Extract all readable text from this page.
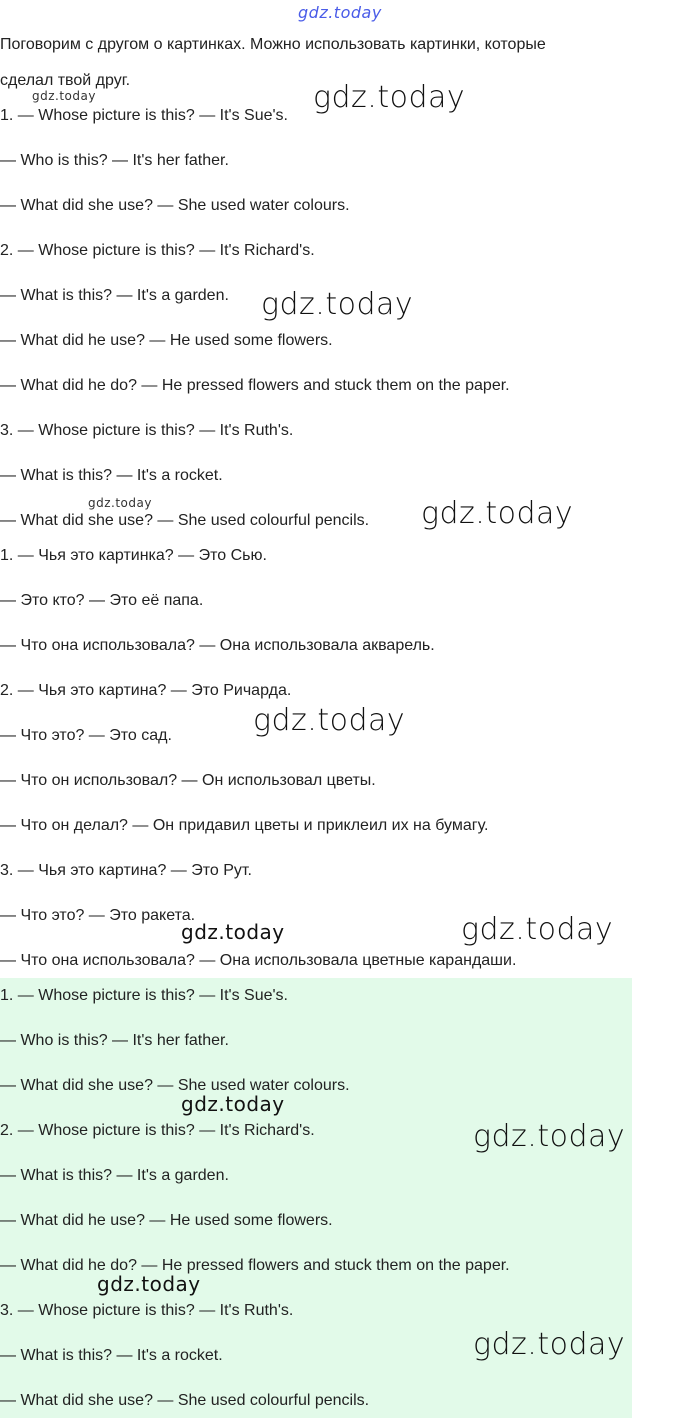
gdz.today
Поговорим с другом о картинках. Можно использовать картинки, которые
сделал твой друг.
1. — Whose picture is this? — It's Sue's.
— Who is this? — It's her father.
— What did she use? — She used water colours.
2. — Whose picture is this? — It's Richard's.
— What is this? — It's a garden.
— What did he use? — He used some flowers.
— What did he do? — He pressed flowers and stuck them on the paper.
3. — Whose picture is this? — It's Ruth's.
— What is this? — It's a rocket.
— What did she use? — She used colourful pencils.
1. — Чья это картинка? — Это Сью.
— Это кто? — Это её папа.
— Что она использовала? — Она использовала акварель.
2. — Чья это картина? — Это Ричарда.
— Что это? — Это сад.
— Что он использовал? — Он использовал цветы.
— Что он делал? — Он придавил цветы и приклеил их на бумагу.
3. — Чья это картина? — Это Рут.
— Что это? — Это ракета.
— Что она использовала? — Она использовала цветные карандаши.
1. — Whose picture is this? — It's Sue's.
— Who is this? — It's her father.
— What did she use? — She used water colours.
2. — Whose picture is this? — It's Richard's.
— What is this? — It's a garden.
— What did he use? — He used some flowers.
— What did he do? — He pressed flowers and stuck them on the paper.
3. — Whose picture is this? — It's Ruth's.
— What is this? — It's a rocket.
— What did she use? — She used colourful pencils.
gdz.today	gdz.today
gdz.today
gdz.today	gdz.today
gdz.today
gdz.today	gdz.today
gdz.today
gdz.today
gdz.today
gdz.today
